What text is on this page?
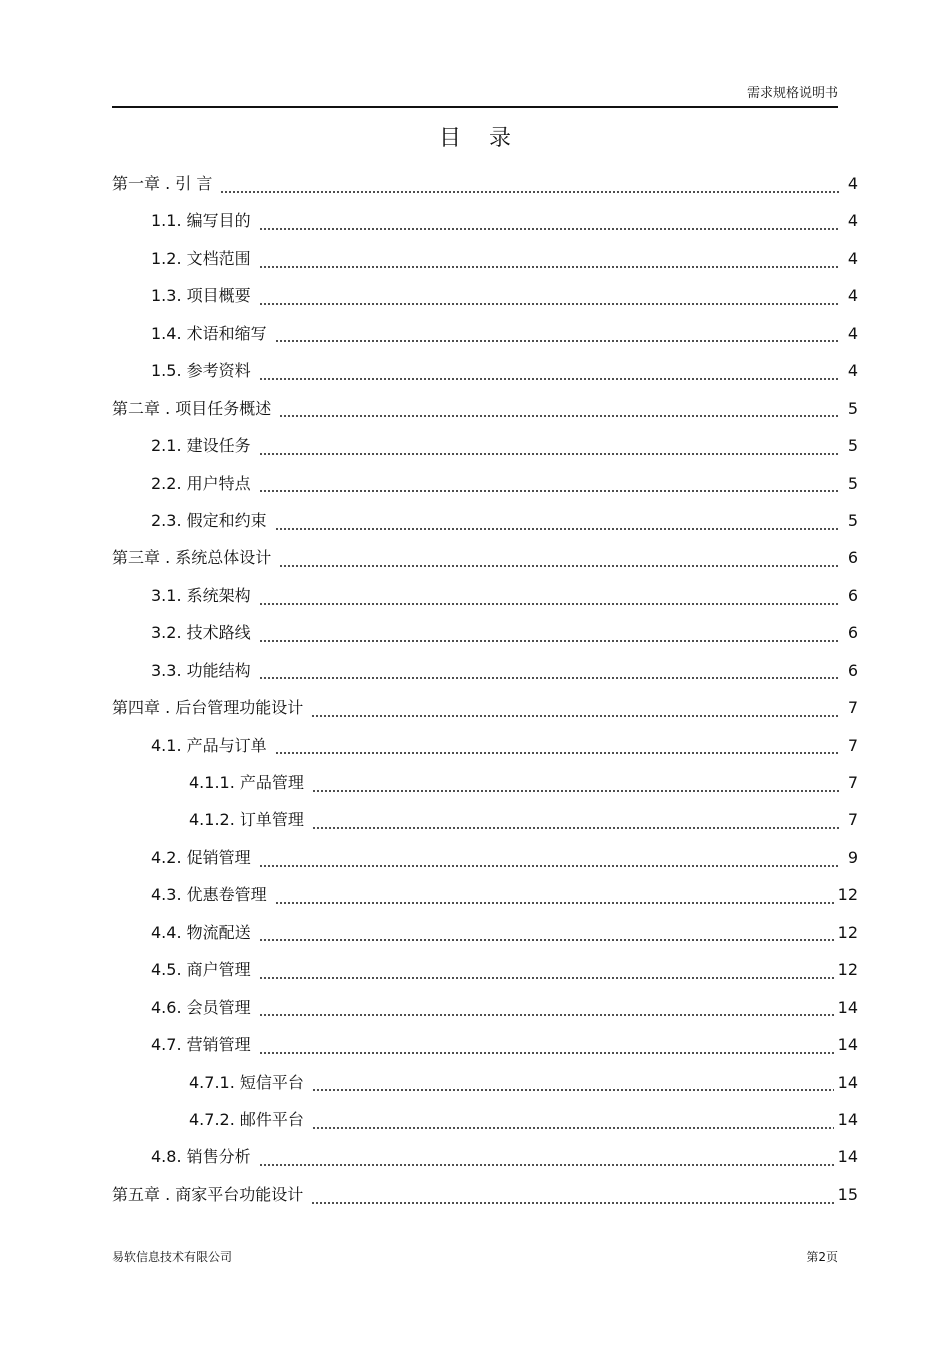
需求规格说明书
目录
第一章 . 引 言	4
1.1. 编写目的	4
1.2. 文档范围	4
1.3. 项目概要	4
1.4. 术语和缩写	4
1.5. 参考资料	4
第二章 . 项目任务概述	5
2.1. 建设任务	5
2.2. 用户特点	5
2.3. 假定和约束	5
第三章 . 系统总体设计	6
3.1. 系统架构	6
3.2. 技术路线	6
3.3. 功能结构	6
第四章 . 后台管理功能设计	7
4.1. 产品与订单	7
4.1.1. 产品管理	7
4.1.2. 订单管理	7
4.2. 促销管理	9
4.3. 优惠卷管理	12
4.4. 物流配送	12
4.5. 商户管理	12
4.6. 会员管理	14
4.7. 营销管理	14
4.7.1. 短信平台	14
4.7.2. 邮件平台	14
4.8. 销售分析	14
第五章 . 商家平台功能设计	15
易软信息技术有限公司	第2页
